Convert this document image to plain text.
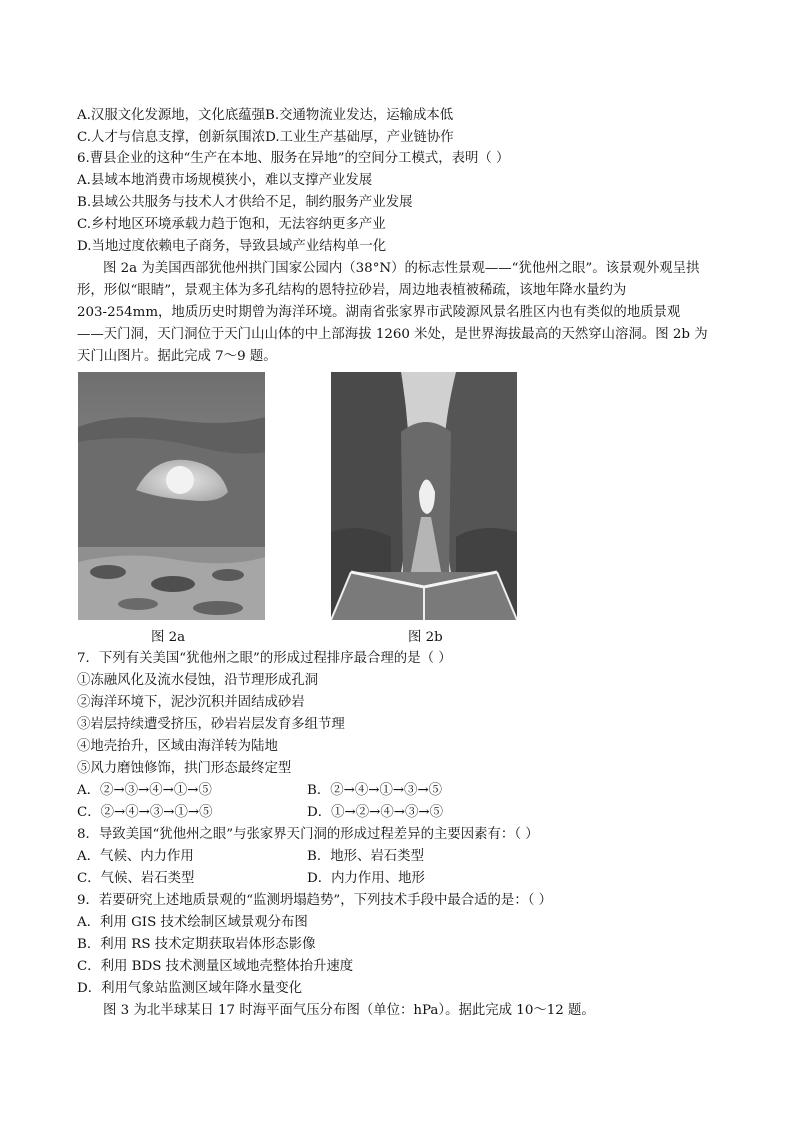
A.汉服文化发源地，文化底蕴强B.交通物流业发达，运输成本低
C.人才与信息支撑，创新氛围浓D.工业生产基础厚，产业链协作
6.曹县企业的这种“生产在本地、服务在异地”的空间分工模式，表明（ ）
A.县域本地消费市场规模狭小，难以支撑产业发展
B.县域公共服务与技术人才供给不足，制约服务产业发展
C.乡村地区环境承载力趋于饱和，无法容纳更多产业
D.当地过度依赖电子商务，导致县域产业结构单一化
图 2a 为美国西部犹他州拱门国家公园内（38°N）的标志性景观——“犹他州之眼”。该景观外观呈拱
形，形似“眼睛”，景观主体为多孔结构的恩特拉砂岩，周边地表植被稀疏，该地年降水量约为
203-254mm，地质历史时期曾为海洋环境。湖南省张家界市武陵源风景名胜区内也有类似的地质景观
——天门洞，天门洞位于天门山山体的中上部海拔 1260 米处，是世界海拔最高的天然穿山溶洞。图 2b 为
天门山图片。据此完成 7～9 题。
图 2a	图 2b
7．下列有关美国“犹他州之眼”的形成过程排序最合理的是（ ）
①冻融风化及流水侵蚀，沿节理形成孔洞
②海洋环境下，泥沙沉积并固结成砂岩
③岩层持续遭受挤压，砂岩岩层发育多组节理
④地壳抬升，区域由海洋转为陆地
⑤风力磨蚀修饰，拱门形态最终定型
A．②→③→④→①→⑤	B．②→④→①→③→⑤
C．②→④→③→①→⑤	D．①→②→④→③→⑤
8．导致美国“犹他州之眼”与张家界天门洞的形成过程差异的主要因素有：（ ）
A．气候、内力作用	B．地形、岩石类型
C．气候、岩石类型	D．内力作用、地形
9．若要研究上述地质景观的“监测坍塌趋势”，下列技术手段中最合适的是：（ ）
A．利用 GIS 技术绘制区域景观分布图
B．利用 RS 技术定期获取岩体形态影像
C．利用 BDS 技术测量区域地壳整体抬升速度
D．利用气象站监测区域年降水量变化
图 3 为北半球某日 17 时海平面气压分布图（单位：hPa）。据此完成 10～12 题。
